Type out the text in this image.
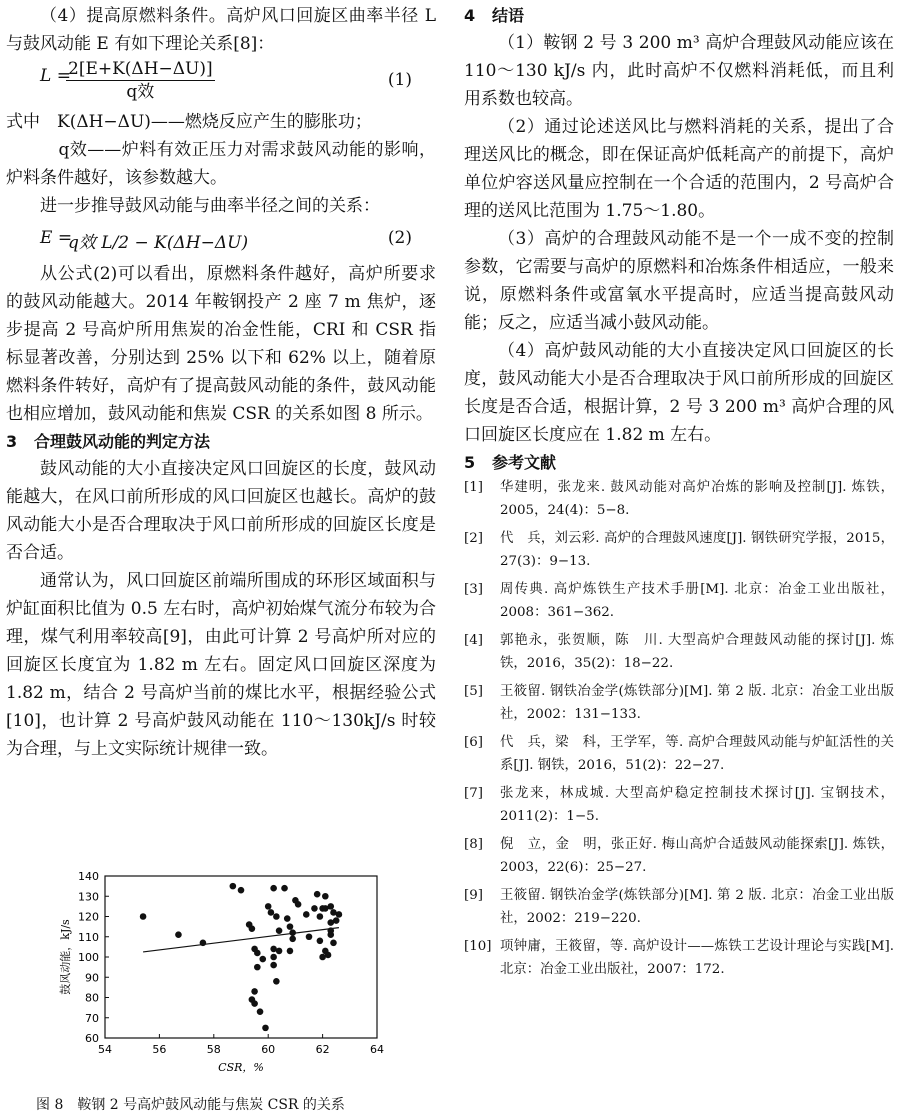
（4）提高原燃料条件。高炉风口回旋区曲率半径 L 与鼓风动能 E 有如下理论关系[8]：

L =
2[E+K(ΔH−ΔU)]
q效
(1)

式中　K(ΔH−ΔU)——燃烧反应产生的膨胀功；

　　　q效——炉料有效正压力对需求鼓风动能的影响，炉料条件越好，该参数越大。

进一步推导鼓风动能与曲率半径之间的关系：

E =
q效 L/2 − K(ΔH−ΔU)	(2)

从公式(2)可以看出，原燃料条件越好，高炉所要求的鼓风动能越大。2014 年鞍钢投产 2 座 7 m 焦炉，逐步提高 2 号高炉所用焦炭的冶金性能，CRI 和 CSR 指标显著改善，分别达到 25% 以下和 62% 以上，随着原燃料条件转好，高炉有了提高鼓风动能的条件，鼓风动能也相应增加，鼓风动能和焦炭 CSR 的关系如图 8 所示。

3 合理鼓风动能的判定方法

鼓风动能的大小直接决定风口回旋区的长度，鼓风动能越大，在风口前所形成的风口回旋区也越长。高炉的鼓风动能大小是否合理取决于风口前所形成的回旋区长度是否合适。

通常认为，风口回旋区前端所围成的环形区域面积与炉缸面积比值为 0.5 左右时，高炉初始煤气流分布较为合理，煤气利用率较高[9]，由此可计算 2 号高炉所对应的回旋区长度宜为 1.82 m 左右。固定风口回旋区深度为 1.82 m，结合 2 号高炉当前的煤比水平，根据经验公式[10]，也计算 2 号高炉鼓风动能在 110～130kJ/s 时较为合理，与上文实际统计规律一致。

4 结语

（1）鞍钢 2 号 3 200 m³ 高炉合理鼓风动能应该在 110～130 kJ/s 内，此时高炉不仅燃料消耗低，而且利用系数也较高。

（2）通过论述送风比与燃料消耗的关系，提出了合理送风比的概念，即在保证高炉低耗高产的前提下，高炉单位炉容送风量应控制在一个合适的范围内，2 号高炉合理的送风比范围为 1.75～1.80。

（3）高炉的合理鼓风动能不是一个一成不变的控制参数，它需要与高炉的原燃料和冶炼条件相适应，一般来说，原燃料条件或富氧水平提高时，应适当提高鼓风动能；反之，应适当减小鼓风动能。

（4）高炉鼓风动能的大小直接决定风口回旋区的长度，鼓风动能大小是否合理取决于风口前所形成的回旋区长度是否合适，根据计算，2 号 3 200 m³ 高炉合理的风口回旋区长度应在 1.82 m 左右。

5 参考文献
[1]	华建明，张龙来. 鼓风动能对高炉冶炼的影响及控制[J]. 炼铁，2005，24(4)：5−8.
[2]	代　兵，刘云彩. 高炉的合理鼓风速度[J]. 钢铁研究学报，2015，27(3)：9−13.
[3]	周传典. 高炉炼铁生产技术手册[M]. 北京：冶金工业出版社，2008：361−362.
[4]	郭艳永，张贺顺，陈　川. 大型高炉合理鼓风动能的探讨[J]. 炼铁，2016，35(2)：18−22.
[5]	王筱留. 钢铁冶金学(炼铁部分)[M]. 第 2 版. 北京：冶金工业出版社，2002：131−133.
[6]	代　兵，梁　科，王学军，等. 高炉合理鼓风动能与炉缸活性的关系[J]. 钢铁，2016，51(2)：22−27.
[7]	张龙来，林成城. 大型高炉稳定控制技术探讨[J]. 宝钢技术，2011(2)：1−5.
[8]	倪　立，金　明，张正好. 梅山高炉合适鼓风动能探索[J]. 炼铁，2003，22(6)：25−27.
[9]	王筱留. 钢铁冶金学(炼铁部分)[M]. 第 2 版. 北京：冶金工业出版社，2002：219−220.
[10] 项钟庸，王筱留，等. 高炉设计——炼铁工艺设计理论与实践[M]. 北京：冶金工业出版社，2007：172.
54	56	58	60	62	64
60
70
80
90
100
110
120
130
140
CSR，%
鼓风动能，kJ/s
图 8　鞍钢 2 号高炉鼓风动能与焦炭 CSR 的关系
